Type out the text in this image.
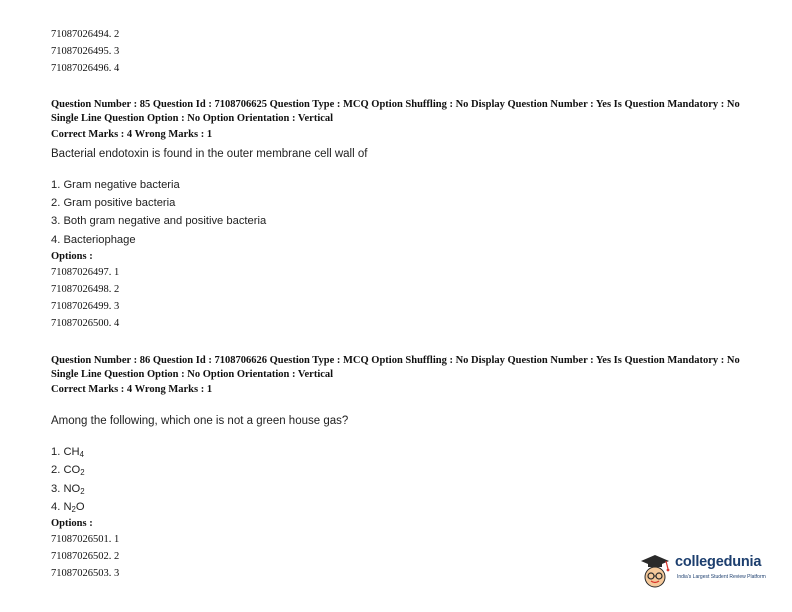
71087026494. 2
71087026495. 3
71087026496. 4
Question Number : 85 Question Id : 7108706625 Question Type : MCQ Option Shuffling : No Display Question Number : Yes Is Question Mandatory : No Single Line Question Option : No Option Orientation : Vertical
Correct Marks : 4 Wrong Marks : 1
Bacterial endotoxin is found in the outer membrane cell wall of
1. Gram negative bacteria
2. Gram positive bacteria
3. Both gram negative and positive bacteria
4. Bacteriophage
Options :
71087026497. 1
71087026498. 2
71087026499. 3
71087026500. 4
Question Number : 86 Question Id : 7108706626 Question Type : MCQ Option Shuffling : No Display Question Number : Yes Is Question Mandatory : No Single Line Question Option : No Option Orientation : Vertical
Correct Marks : 4 Wrong Marks : 1
Among the following, which one is not a green house gas?
1. $CH_4$
2. $CO_2$
3. $NO_2$
4. $N_2O$
Options :
71087026501. 1
71087026502. 2
71087026503. 3
collegedunia
India's Largest Student Review Platform
